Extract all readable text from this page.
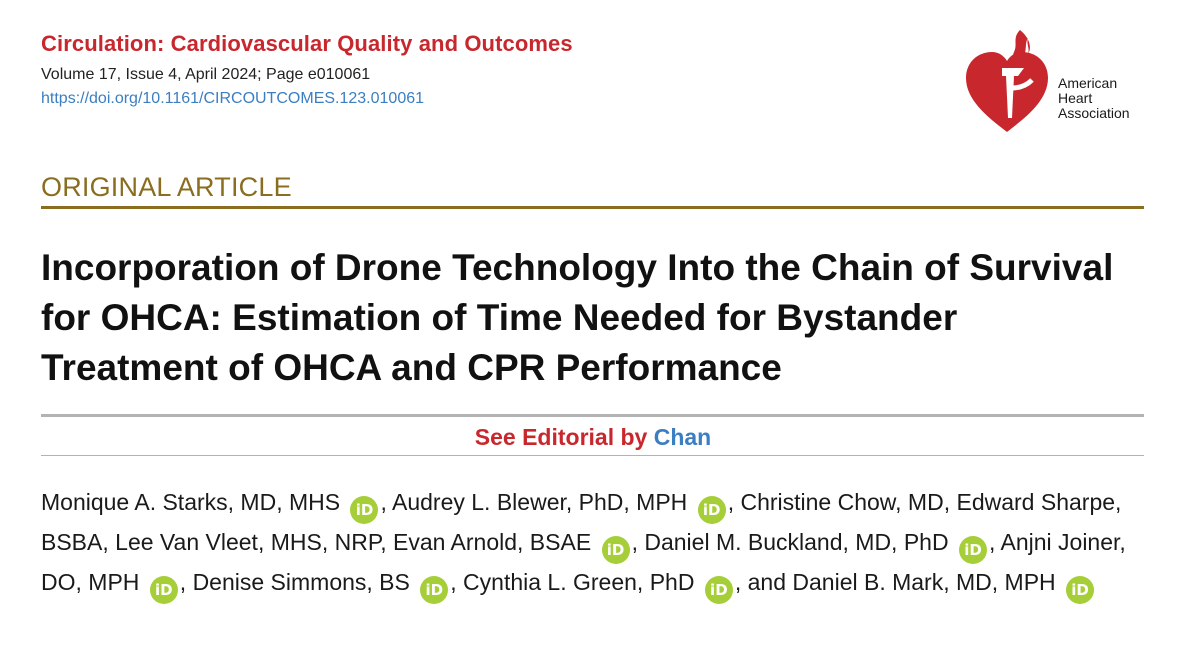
Circulation: Cardiovascular Quality and Outcomes
Volume 17, Issue 4, April 2024; Page e010061
https://doi.org/10.1161/CIRCOUTCOMES.123.010061
American
Heart
Association
ORIGINAL ARTICLE
Incorporation of Drone Technology Into the Chain of Survival for OHCA: Estimation of Time Needed for Bystander Treatment of OHCA and CPR Performance
See Editorial by Chan
Monique A. Starks, MD, MHS iD , Audrey L. Blewer, PhD, MPH iD , Christine Chow, MD, Edward Sharpe, BSBA, Lee Van Vleet, MHS, NRP, Evan Arnold, BSAE iD , Daniel M. Buckland, MD, PhD iD , Anjni Joiner, DO, MPH iD , Denise Simmons, BS iD , Cynthia L. Green, PhD iD , and Daniel B. Mark, MD, MPH iD
